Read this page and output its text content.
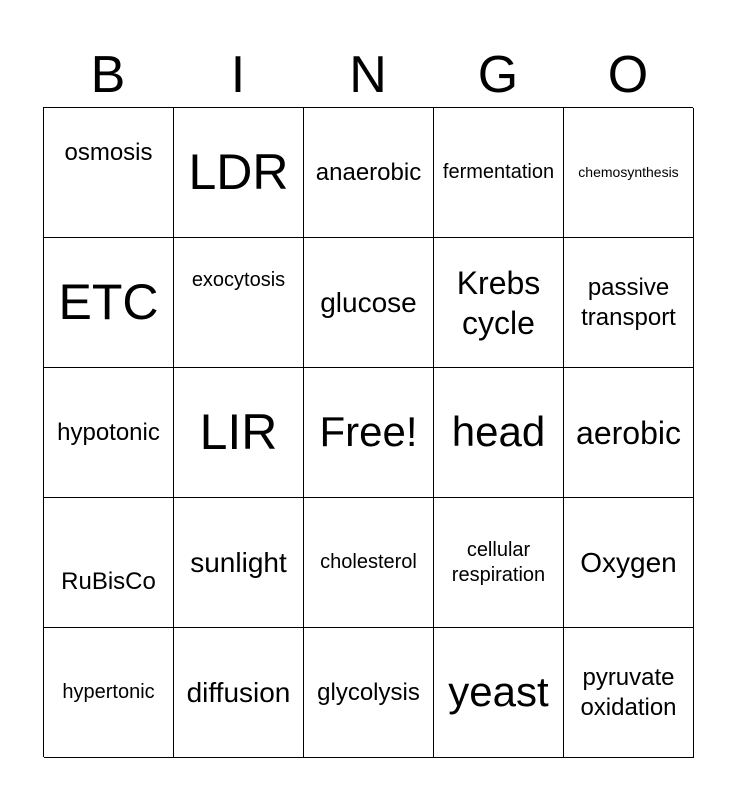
B	I	N	G	O
osmosis LDR anaerobic fermentation chemosynthesis
ETC exocytosis
glucose
Krebs cycle
passive transport
hypotonic LIR Free! head aerobic
RuBisCo
sunlight cholesterol
cellular respiration	Oxygen
hypertonic diffusion glycolysis yeast	pyruvate oxidation
